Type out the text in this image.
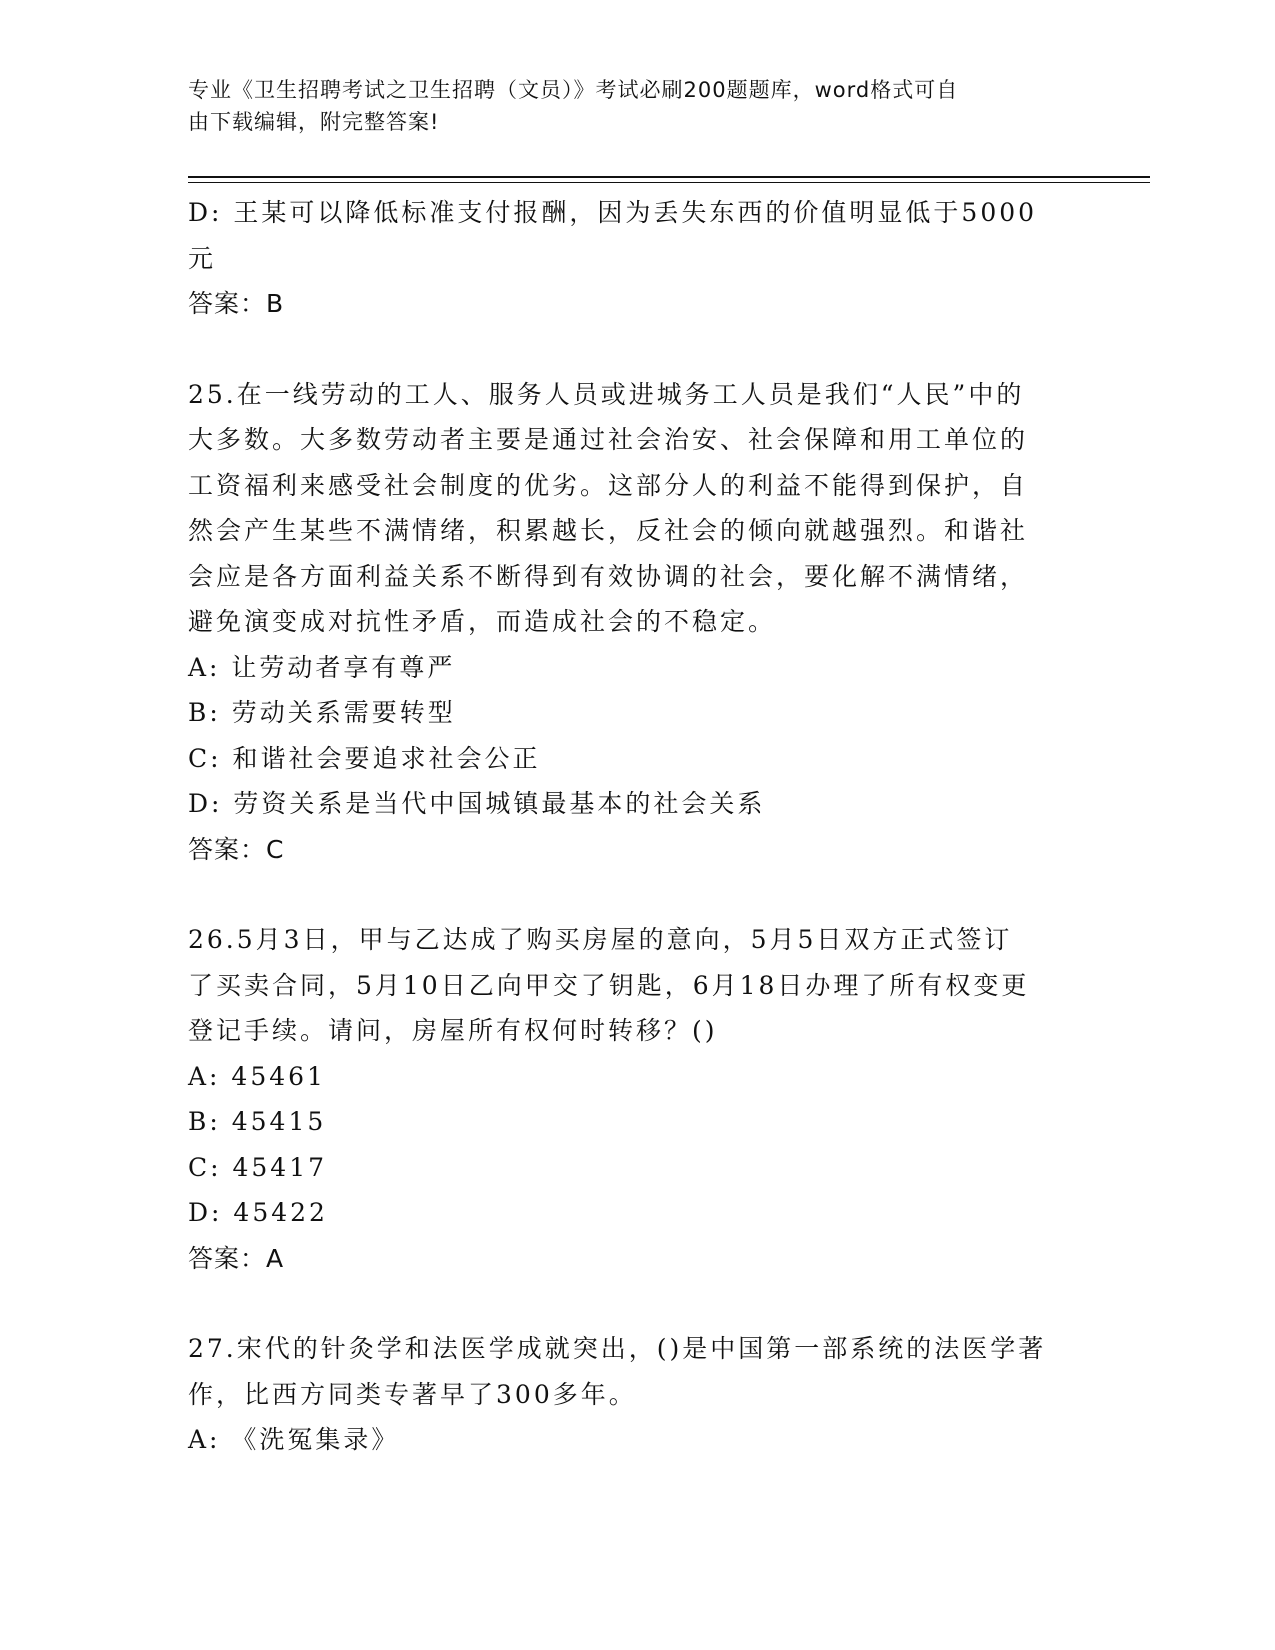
专业《卫生招聘考试之卫生招聘（文员）》考试必刷200题题库，word格式可自
由下载编辑，附完整答案!
D: 王某可以降低标准支付报酬，因为丢失东西的价值明显低于5000
元
答案：B
25.在一线劳动的工人、服务人员或进城务工人员是我们“人民”中的
大多数。大多数劳动者主要是通过社会治安、社会保障和用工单位的
工资福利来感受社会制度的优劣。这部分人的利益不能得到保护，自
然会产生某些不满情绪，积累越长，反社会的倾向就越强烈。和谐社
会应是各方面利益关系不断得到有效协调的社会，要化解不满情绪，
避免演变成对抗性矛盾，而造成社会的不稳定。
A: 让劳动者享有尊严
B: 劳动关系需要转型
C: 和谐社会要追求社会公正
D: 劳资关系是当代中国城镇最基本的社会关系
答案：C
26.5月3日，甲与乙达成了购买房屋的意向，5月5日双方正式签订
了买卖合同，5月10日乙向甲交了钥匙，6月18日办理了所有权变更
登记手续。请问，房屋所有权何时转移？()
A: 45461
B: 45415
C: 45417
D: 45422
答案：A
27.宋代的针灸学和法医学成就突出，()是中国第一部系统的法医学著
作，比西方同类专著早了300多年。
A: 《洗冤集录》
